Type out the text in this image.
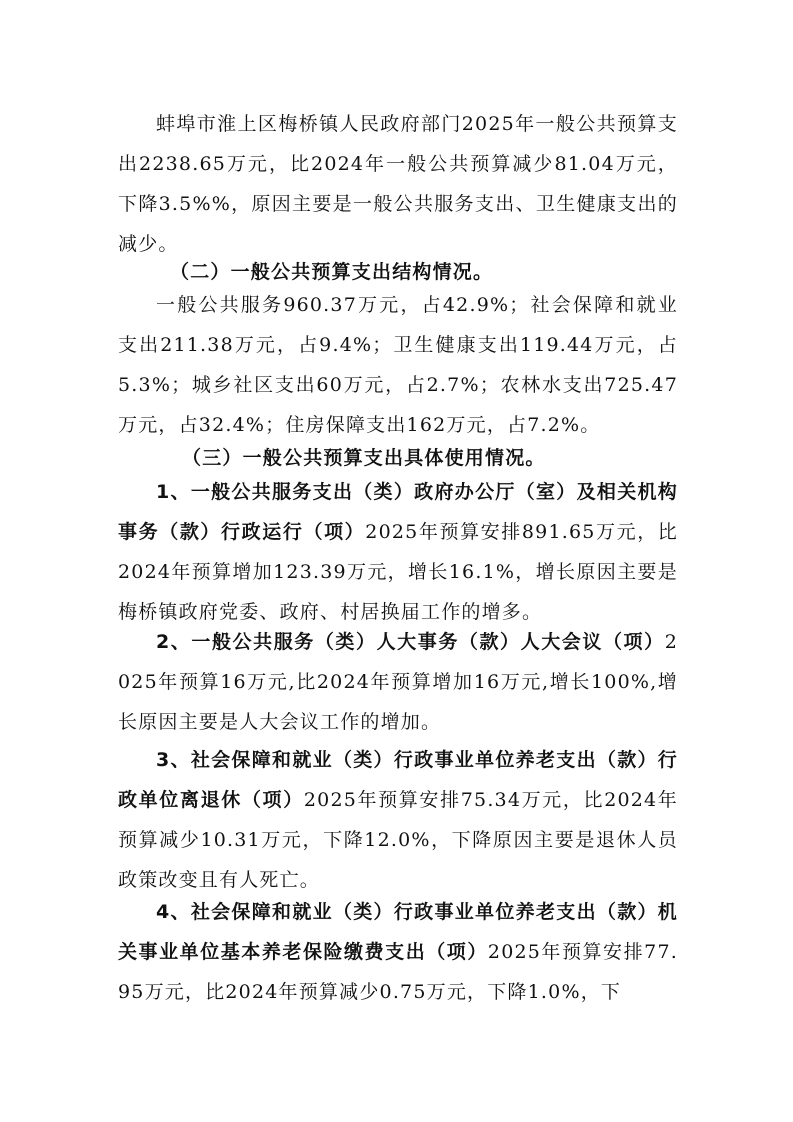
蚌埠市淮上区梅桥镇人民政府部门2025年一般公共预算支出2238.65万元，比2024年一般公共预算减少81.04万元，下降3.5%%，原因主要是一般公共服务支出、卫生健康支出的减少。

（二）一般公共预算支出结构情况。

一般公共服务960.37万元，占42.9%；社会保障和就业支出211.38万元，占9.4%；卫生健康支出119.44万元，占5.3%；城乡社区支出60万元，占2.7%；农林水支出725.47万元，占32.4%；住房保障支出162万元，占7.2%。

（三）一般公共预算支出具体使用情况。

1、一般公共服务支出（类）政府办公厅（室）及相关机构事务（款）行政运行（项）2025年预算安排891.65万元，比2024年预算增加123.39万元，增长16.1%，增长原因主要是梅桥镇政府党委、政府、村居换届工作的增多。

2、一般公共服务（类）人大事务（款）人大会议（项）2025年预算16万元,比2024年预算增加16万元,增长100%,增长原因主要是人大会议工作的增加。

3、社会保障和就业（类）行政事业单位养老支出（款）行政单位离退休（项）2025年预算安排75.34万元，比2024年预算减少10.31万元，下降12.0%，下降原因主要是退休人员政策改变且有人死亡。

4、社会保障和就业（类）行政事业单位养老支出（款）机关事业单位基本养老保险缴费支出（项）2025年预算安排77.95万元，比2024年预算减少0.75万元，下降1.0%，下
